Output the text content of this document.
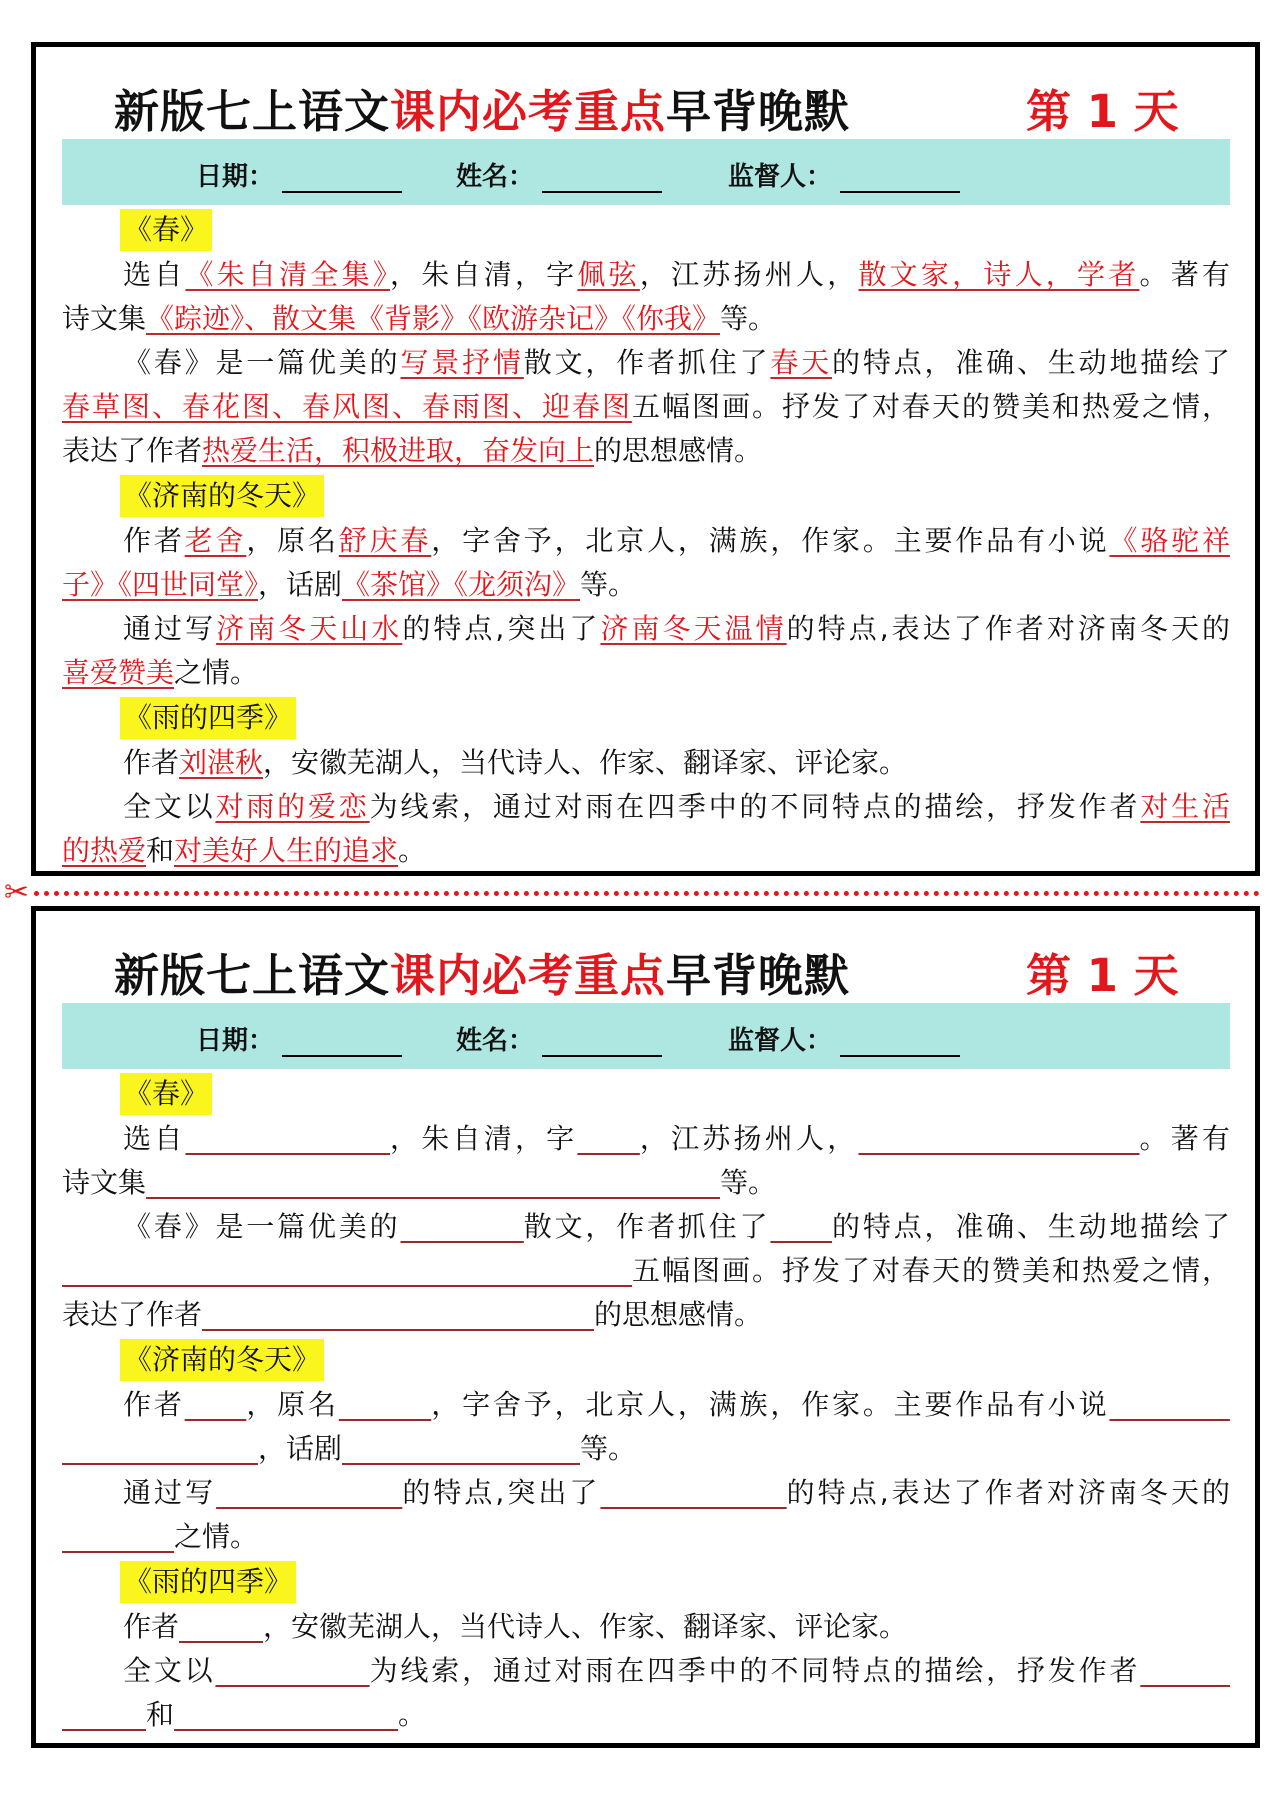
新版七上语文课内必考重点早背晚默	第 1 天
日期：	姓名：	监督人：
《春》
选自《朱自清全集》，朱自清，字佩弦，江苏扬州人，散文家，诗人，学者。著有
诗文集《踪迹》、散文集《背影》《欧游杂记》《你我》等。
《春》是一篇优美的写景抒情散文，作者抓住了春天的特点，准确、生动地描绘了
春草图、春花图、春风图、春雨图、迎春图五幅图画。抒发了对春天的赞美和热爱之情，
表达了作者热爱生活，积极进取，奋发向上的思想感情。
《济南的冬天》
作者老舍，原名舒庆春，字舍予，北京人，满族，作家。主要作品有小说《骆驼祥
子》《四世同堂》，话剧《茶馆》《龙须沟》等。
通过写济南冬天山水的特点,突出了济南冬天温情的特点,表达了作者对济南冬天的
喜爱赞美之情。
《雨的四季》
作者刘湛秋，安徽芜湖人，当代诗人、作家、翻译家、评论家。
全文以对雨的爱恋为线索，通过对雨在四季中的不同特点的描绘，抒发作者对生活
的热爱和对美好人生的追求。
✂
新版七上语文课内必考重点早背晚默	第 1 天
日期：	姓名：	监督人：
《春》
选自	，朱自清，字 ，江苏扬州人，	。著有
诗文集	等。
《春》是一篇优美的	散文，作者抓住了 的特点，准确、生动地描绘了
五幅图画。抒发了对春天的赞美和热爱之情，
表达了作者	的思想感情。
《济南的冬天》
作者 ，原名	，字舍予，北京人，满族，作家。主要作品有小说
，话剧	等。
通过写	的特点,突出了	的特点,表达了作者对济南冬天的
之情。
《雨的四季》
作者	，安徽芜湖人，当代诗人、作家、翻译家、评论家。
全文以	为线索，通过对雨在四季中的不同特点的描绘，抒发作者
和	。
